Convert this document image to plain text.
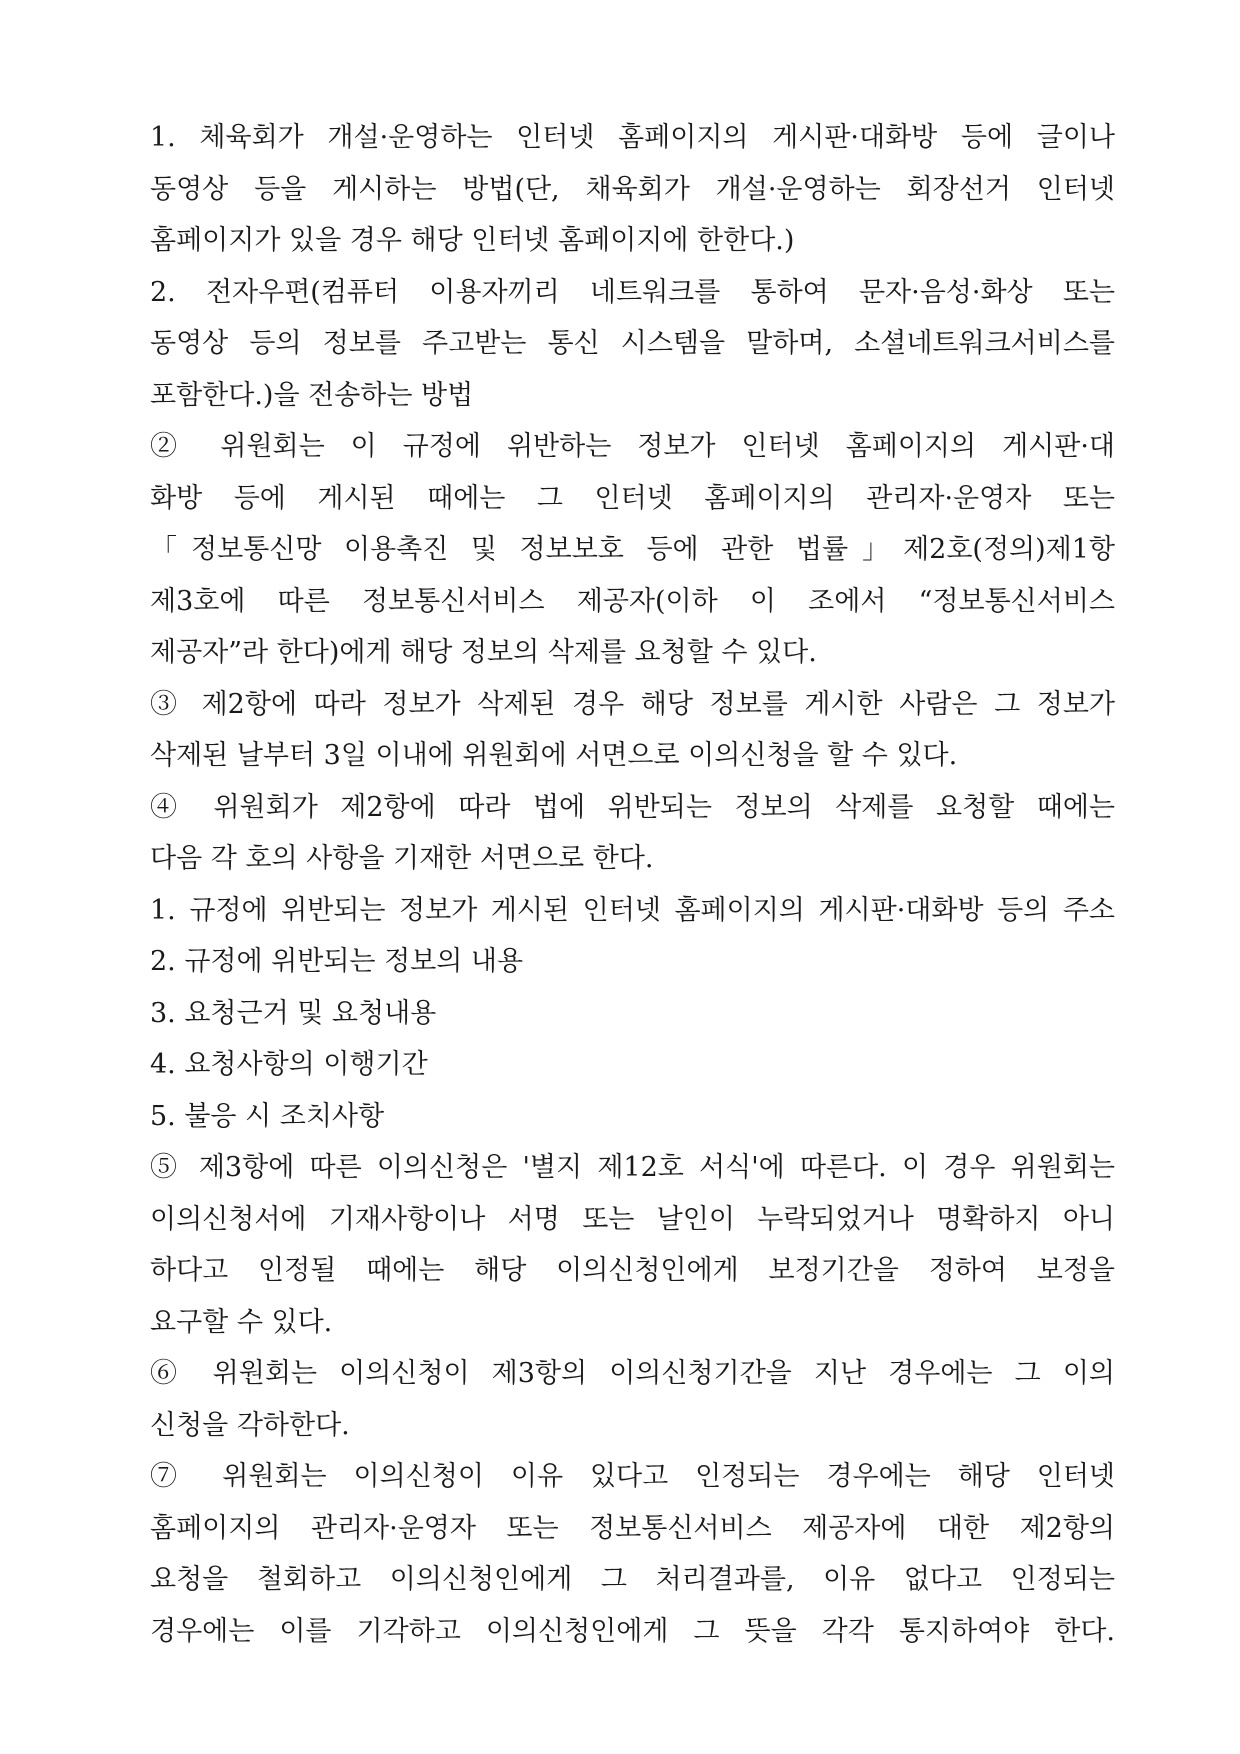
1. 체육회가 개설·운영하는 인터넷 홈페이지의 게시판·대화방 등에 글이나
동영상 등을 게시하는 방법(단, 채육회가 개설·운영하는 회장선거 인터넷
홈페이지가 있을 경우 해당 인터넷 홈페이지에 한한다.)
2. 전자우편(컴퓨터 이용자끼리 네트워크를 통하여 문자·음성·화상 또는
동영상 등의 정보를 주고받는 통신 시스템을 말하며, 소셜네트워크서비스를
포함한다.)을 전송하는 방법
② 위원회는 이 규정에 위반하는 정보가 인터넷 홈페이지의 게시판·대
화방 등에 게시된 때에는 그 인터넷 홈페이지의 관리자·운영자 또는
「정보통신망 이용촉진 및 정보보호 등에 관한 법률」제2호(정의)제1항
제3호에 따른 정보통신서비스 제공자(이하 이 조에서 “정보통신서비스
제공자”라 한다)에게 해당 정보의 삭제를 요청할 수 있다.
③ 제2항에 따라 정보가 삭제된 경우 해당 정보를 게시한 사람은 그 정보가
삭제된 날부터 3일 이내에 위원회에 서면으로 이의신청을 할 수 있다.
④ 위원회가 제2항에 따라 법에 위반되는 정보의 삭제를 요청할 때에는
다음 각 호의 사항을 기재한 서면으로 한다.
1. 규정에 위반되는 정보가 게시된 인터넷 홈페이지의 게시판·대화방 등의 주소
2. 규정에 위반되는 정보의 내용
3. 요청근거 및 요청내용
4. 요청사항의 이행기간
5. 불응 시 조치사항
⑤ 제3항에 따른 이의신청은 '별지 제12호 서식'에 따른다. 이 경우 위원회는
이의신청서에 기재사항이나 서명 또는 날인이 누락되었거나 명확하지 아니
하다고 인정될 때에는 해당 이의신청인에게 보정기간을 정하여 보정을
요구할 수 있다.
⑥ 위원회는 이의신청이 제3항의 이의신청기간을 지난 경우에는 그 이의
신청을 각하한다.
⑦ 위원회는 이의신청이 이유 있다고 인정되는 경우에는 해당 인터넷
홈페이지의 관리자·운영자 또는 정보통신서비스 제공자에 대한 제2항의
요청을 철회하고 이의신청인에게 그 처리결과를, 이유 없다고 인정되는
경우에는 이를 기각하고 이의신청인에게 그 뜻을 각각 통지하여야 한다.
